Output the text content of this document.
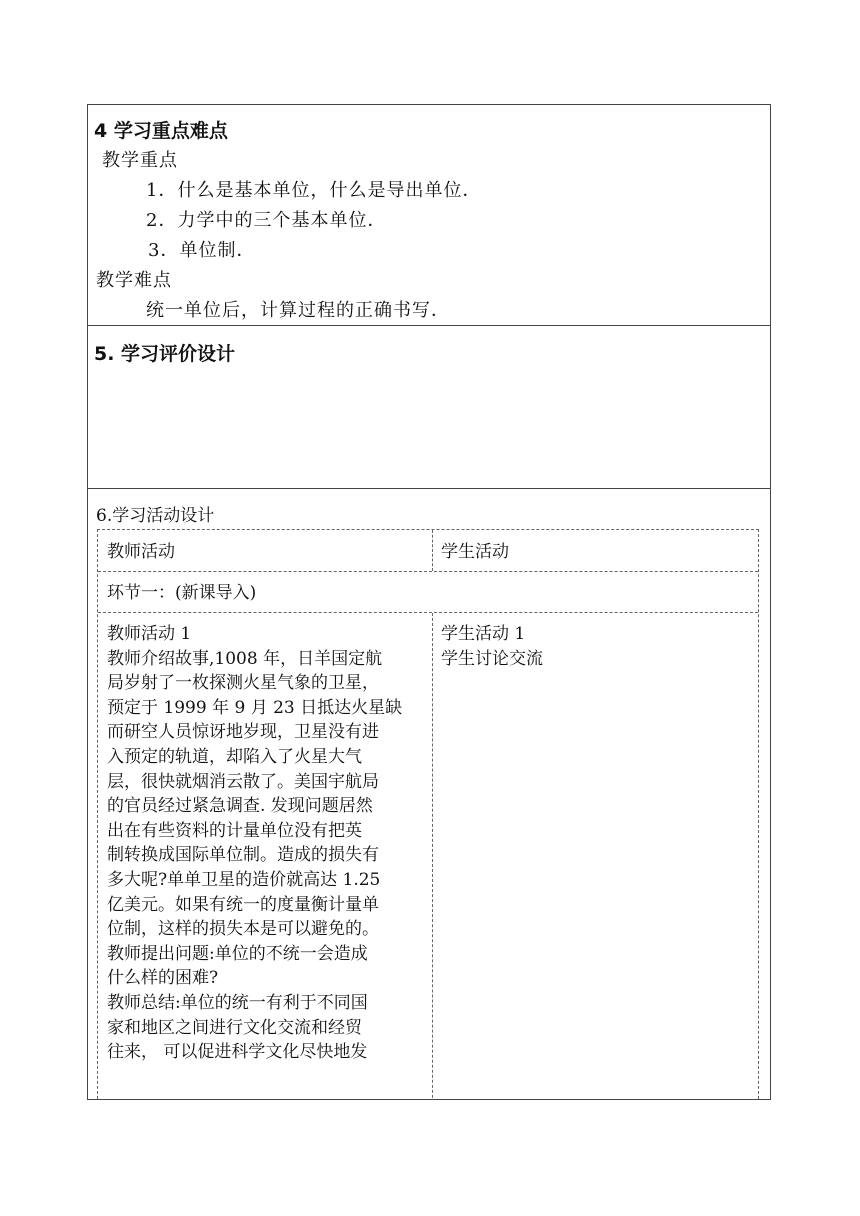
4 学习重点难点
教学重点
1．什么是基本单位，什么是导出单位．
2．力学中的三个基本单位．
3．单位制．
教学难点
统一单位后，计算过程的正确书写．
5. 学习评价设计
6.学习活动设计
教师活动	学生活动
环节一：(新课导入)
教师活动 1
教师介绍故事,1008 年，日羊国定航
局岁射了一枚探测火星气象的卫星，
预定于 1999 年 9 月 23 日抵达火星缺
而研空人员惊讶地岁现，卫星没有进
入预定的轨道，却陷入了火星大气
层，很快就烟消云散了。美国宇航局
的官员经过紧急调查. 发现问题居然
出在有些资料的计量单位没有把英
制转换成国际单位制。造成的损失有
多大呢?单单卫星的造价就高达 1.25
亿美元。如果有统一的度量衡计量单
位制，这样的损失本是可以避免的。
教师提出问题:单位的不统一会造成
什么样的困难?
教师总结:单位的统一有利于不同国
家和地区之间进行文化交流和经贸
往来， 可以促进科学文化尽快地发
学生活动 1
学生讨论交流
